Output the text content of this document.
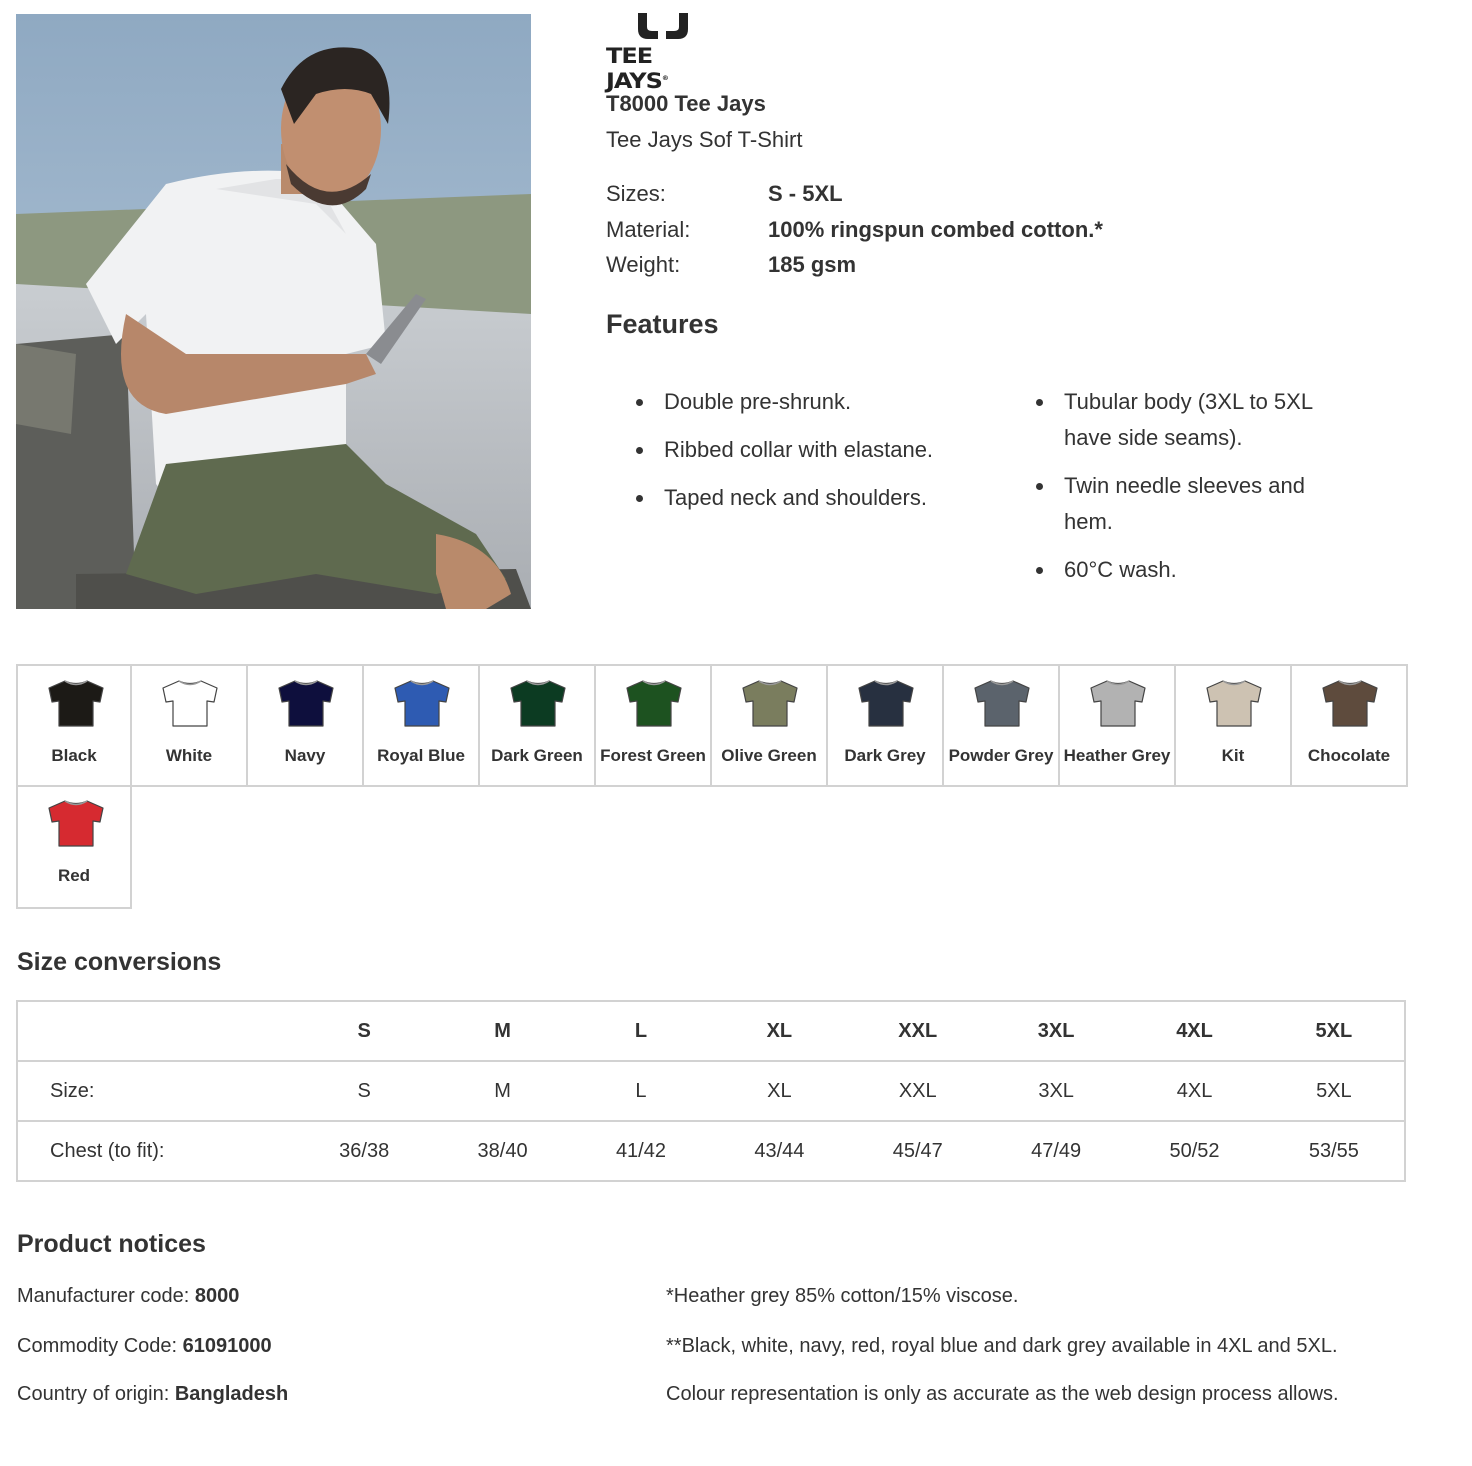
TEE JAYS®
T8000 Tee Jays
Tee Jays Sof T-Shirt
Sizes:	S - 5XL
Material:	100% ringspun combed cotton.*
Weight:	185 gsm
Features
Double pre-shrunk.
Ribbed collar with elastane.
Taped neck and shoulders.
Tubular body (3XL to 5XL have side seams).
Twin needle sleeves and hem.
60°C wash.
Black	White	Navy	Royal Blue	Dark Green	Forest Green Olive Green	Dark Grey	Powder Grey Heather Grey	Kit	Chocolate
Red
Size conversions
	S	M	L	XL	XXL	3XL	4XL	5XL
Size:	S	M	L	XL	XXL	3XL	4XL	5XL
Chest (to fit):	36/38	38/40	41/42	43/44	45/47	47/49	50/52	53/55
Product notices
Manufacturer code: 8000
Commodity Code: 61091000
Country of origin: Bangladesh
*Heather grey 85% cotton/15% viscose.
**Black, white, navy, red, royal blue and dark grey available in 4XL and 5XL.
Colour representation is only as accurate as the web design process allows.
